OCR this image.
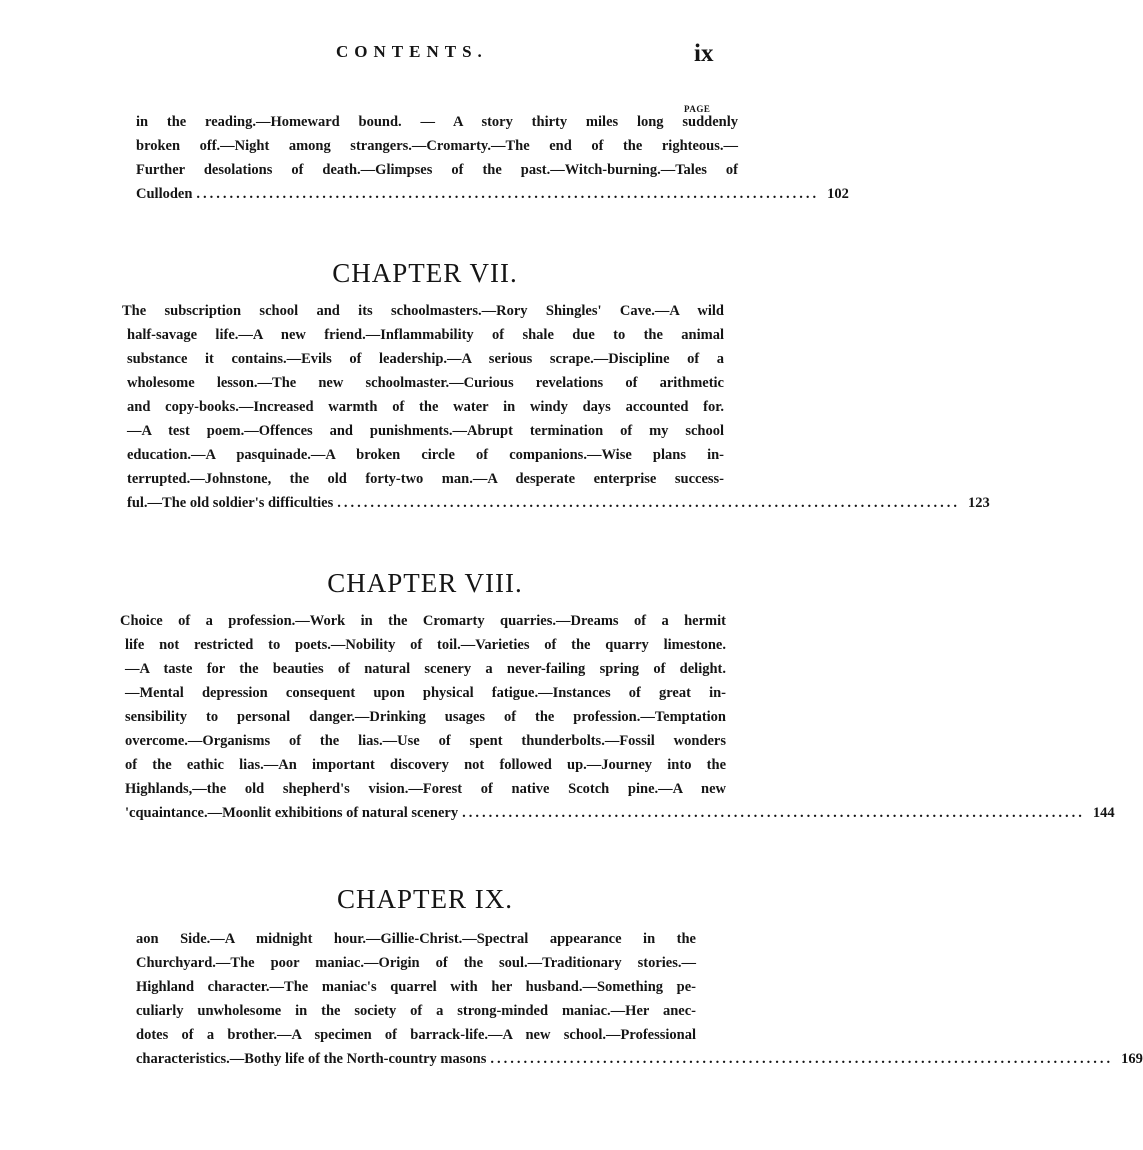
CONTENTS.	ix
PAGE
in the reading.—Homeward bound. — A story thirty miles long suddenly
broken off.—Night among strangers.—Cromarty.—The end of the righteous.—
Further desolations of death.—Glimpses of the past.—Witch-burning.—Tales of
Culloden .............................................................................................. 102
CHAPTER VII.
The subscription school and its schoolmasters.—Rory Shingles' Cave.—A wild
half-savage life.—A new friend.—Inflammability of shale due to the animal
substance it contains.—Evils of leadership.—A serious scrape.—Discipline of a
wholesome lesson.—The new schoolmaster.—Curious revelations of arithmetic
and copy-books.—Increased warmth of the water in windy days accounted for.
—A test poem.—Offences and punishments.—Abrupt termination of my school
education.—A pasquinade.—A broken circle of companions.—Wise plans in-
terrupted.—Johnstone, the old forty-two man.—A desperate enterprise success-
ful.—The old soldier's difficulties .............................................................................................. 123
CHAPTER VIII.
Choice of a profession.—Work in the Cromarty quarries.—Dreams of a hermit
life not restricted to poets.—Nobility of toil.—Varieties of the quarry limestone.
—A taste for the beauties of natural scenery a never-failing spring of delight.
—Mental depression consequent upon physical fatigue.—Instances of great in-
sensibility to personal danger.—Drinking usages of the profession.—Temptation
overcome.—Organisms of the lias.—Use of spent thunderbolts.—Fossil wonders
of the eathic lias.—An important discovery not followed up.—Journey into the
Highlands,—the old shepherd's vision.—Forest of native Scotch pine.—A new
'cquaintance.—Moonlit exhibitions of natural scenery .............................................................................................. 144
CHAPTER IX.
aon Side.—A midnight hour.—Gillie-Christ.—Spectral appearance in the
Churchyard.—The poor maniac.—Origin of the soul.—Traditionary stories.—
Highland character.—The maniac's quarrel with her husband.—Something pe-
culiarly unwholesome in the society of a strong-minded maniac.—Her anec-
dotes of a brother.—A specimen of barrack-life.—A new school.—Professional
characteristics.—Bothy life of the North-country masons .............................................................................................. 169
